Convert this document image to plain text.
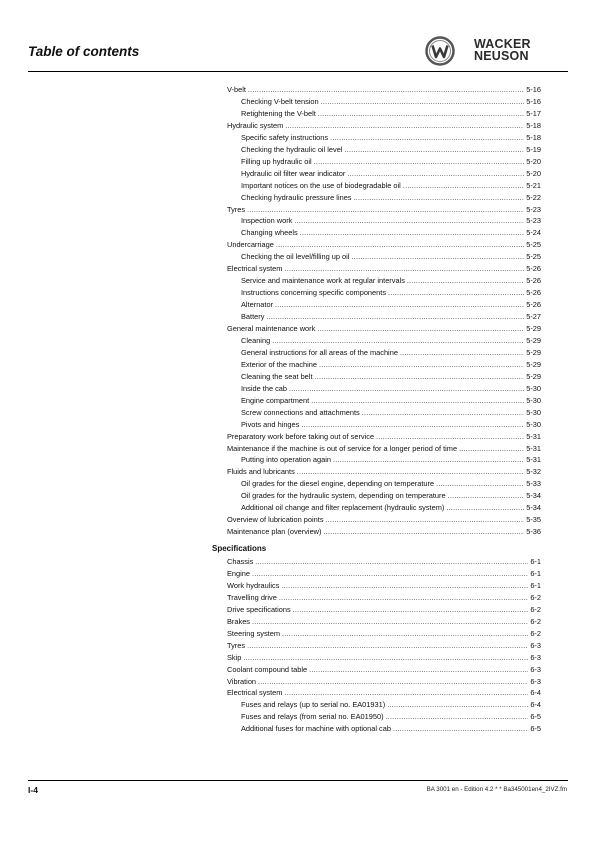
Table of contents	WACKER
NEUSON
V-belt .....	5-16
Checking V-belt tension .....	5-16
Retightening the V-belt .....	5-17
Hydraulic system .....	5-18
Specific safety instructions .....	5-18
Checking the hydraulic oil level .....	5-19
Filling up hydraulic oil .....	5-20
Hydraulic oil filter wear indicator .....	5-20
Important notices on the use of biodegradable oil .....	5-21
Checking hydraulic pressure lines .....	5-22
Tyres .....	5-23
Inspection work .....	5-23
Changing wheels .....	5-24
Undercarriage .....	5-25
Checking the oil level/filling up oil .....	5-25
Electrical system .....	5-26
Service and maintenance work at regular intervals .....	5-26
Instructions concerning specific components .....	5-26
Alternator .....	5-26
Battery .....	5-27
General maintenance work .....	5-29
Cleaning .....	5-29
General instructions for all areas of the machine .....	5-29
Exterior of the machine .....	5-29
Cleaning the seat belt .....	5-29
Inside the cab .....	5-30
Engine compartment .....	5-30
Screw connections and attachments .....	5-30
Pivots and hinges .....	5-30
Preparatory work before taking out of service .....	5-31
Maintenance if the machine is out of service for a longer period of time .....	5-31
Putting into operation again .....	5-31
Fluids and lubricants .....	5-32
Oil grades for the diesel engine, depending on temperature .....	5-33
Oil grades for the hydraulic system, depending on temperature .....	5-34
Additional oil change and filter replacement (hydraulic system) .....	5-34
Overview of lubrication points .....	5-35
Maintenance plan (overview) .....	5-36
Specifications
Chassis .....	6-1
Engine .....	6-1
Work hydraulics .....	6-1
Travelling drive .....	6-2
Drive specifications .....	6-2
Brakes .....	6-2
Steering system .....	6-2
Tyres .....	6-3
Skip .....	6-3
Coolant compound table .....	6-3
Vibration .....	6-3
Electrical system .....	6-4
Fuses and relays (up to serial no. EA01931) .....	6-4
Fuses and relays (from serial no. EA01950) .....	6-5
Additional fuses for machine with optional cab .....	6-5
I-4	BA 3001 en - Edition 4.2 * * Ba345001en4_2IVZ.fm
